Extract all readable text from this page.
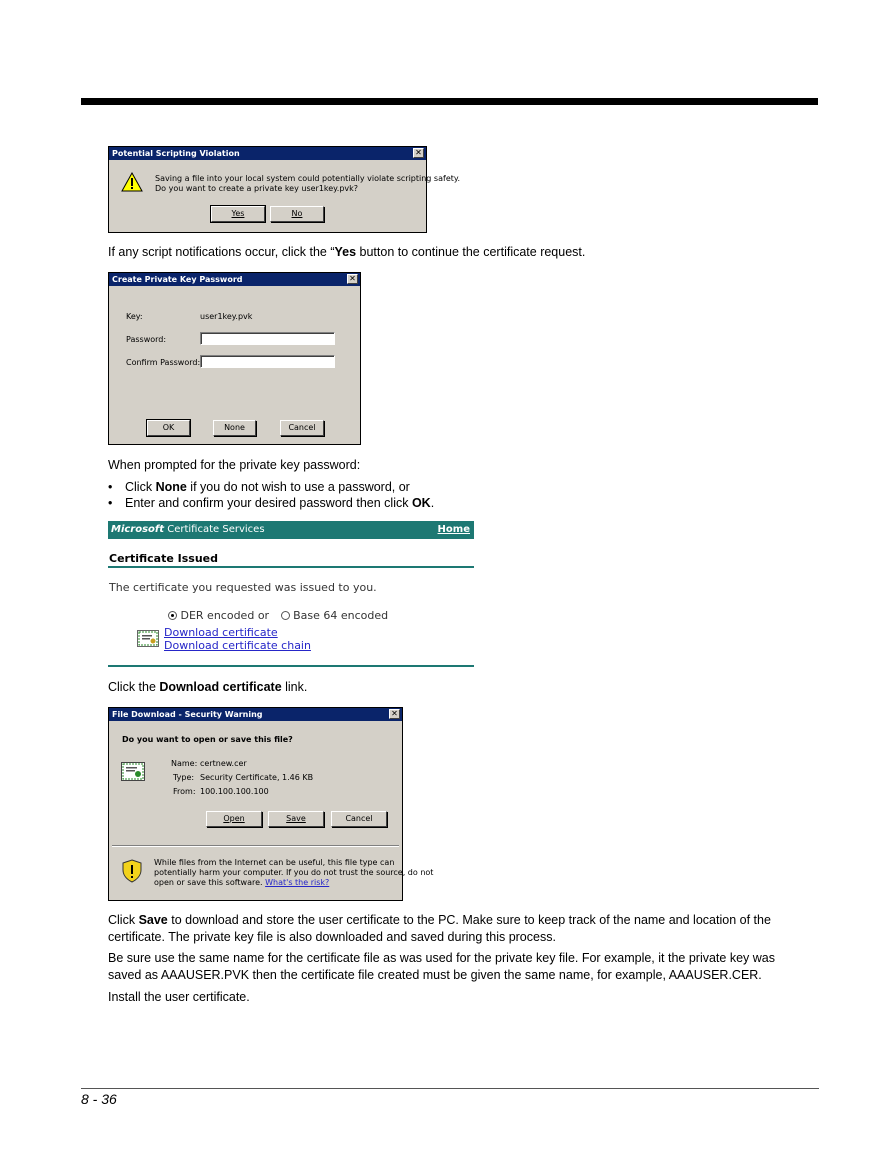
Potential Scripting Violation	✕
Saving a file into your local system could potentially violate scripting safety.
Do you want to create a private key user1key.pvk?
Yes	No
If any script notifications occur, click the “Yes button to continue the certificate request.
Create Private Key Password	✕
Key:	user1key.pvk
Password:
Confirm Password:
OK	None	Cancel
When prompted for the private key password:
• Click None if you do not wish to use a password, or
• Enter and confirm your desired password then click OK.
Microsoft Certificate Services	Home
Certificate Issued
The certificate you requested was issued to you.
DER encoded or Base 64 encoded
Download certificate
Download certificate chain
Click the Download certificate link.
File Download - Security Warning	✕
Do you want to open or save this file?
Name: certnew.cer
Type: Security Certificate, 1.46 KB
From: 100.100.100.100
Open	Save	Cancel
While files from the Internet can be useful, this file type can
potentially harm your computer. If you do not trust the source, do not
open or save this software. What's the risk?
Click Save to download and store the user certificate to the PC. Make sure to keep track of the name and location of the
certificate. The private key file is also downloaded and saved during this process.
Be sure use the same name for the certificate file as was used for the private key file. For example, it the private key was
saved as AAAUSER.PVK then the certificate file created must be given the same name, for example, AAAUSER.CER.
Install the user certificate.
8 - 36
